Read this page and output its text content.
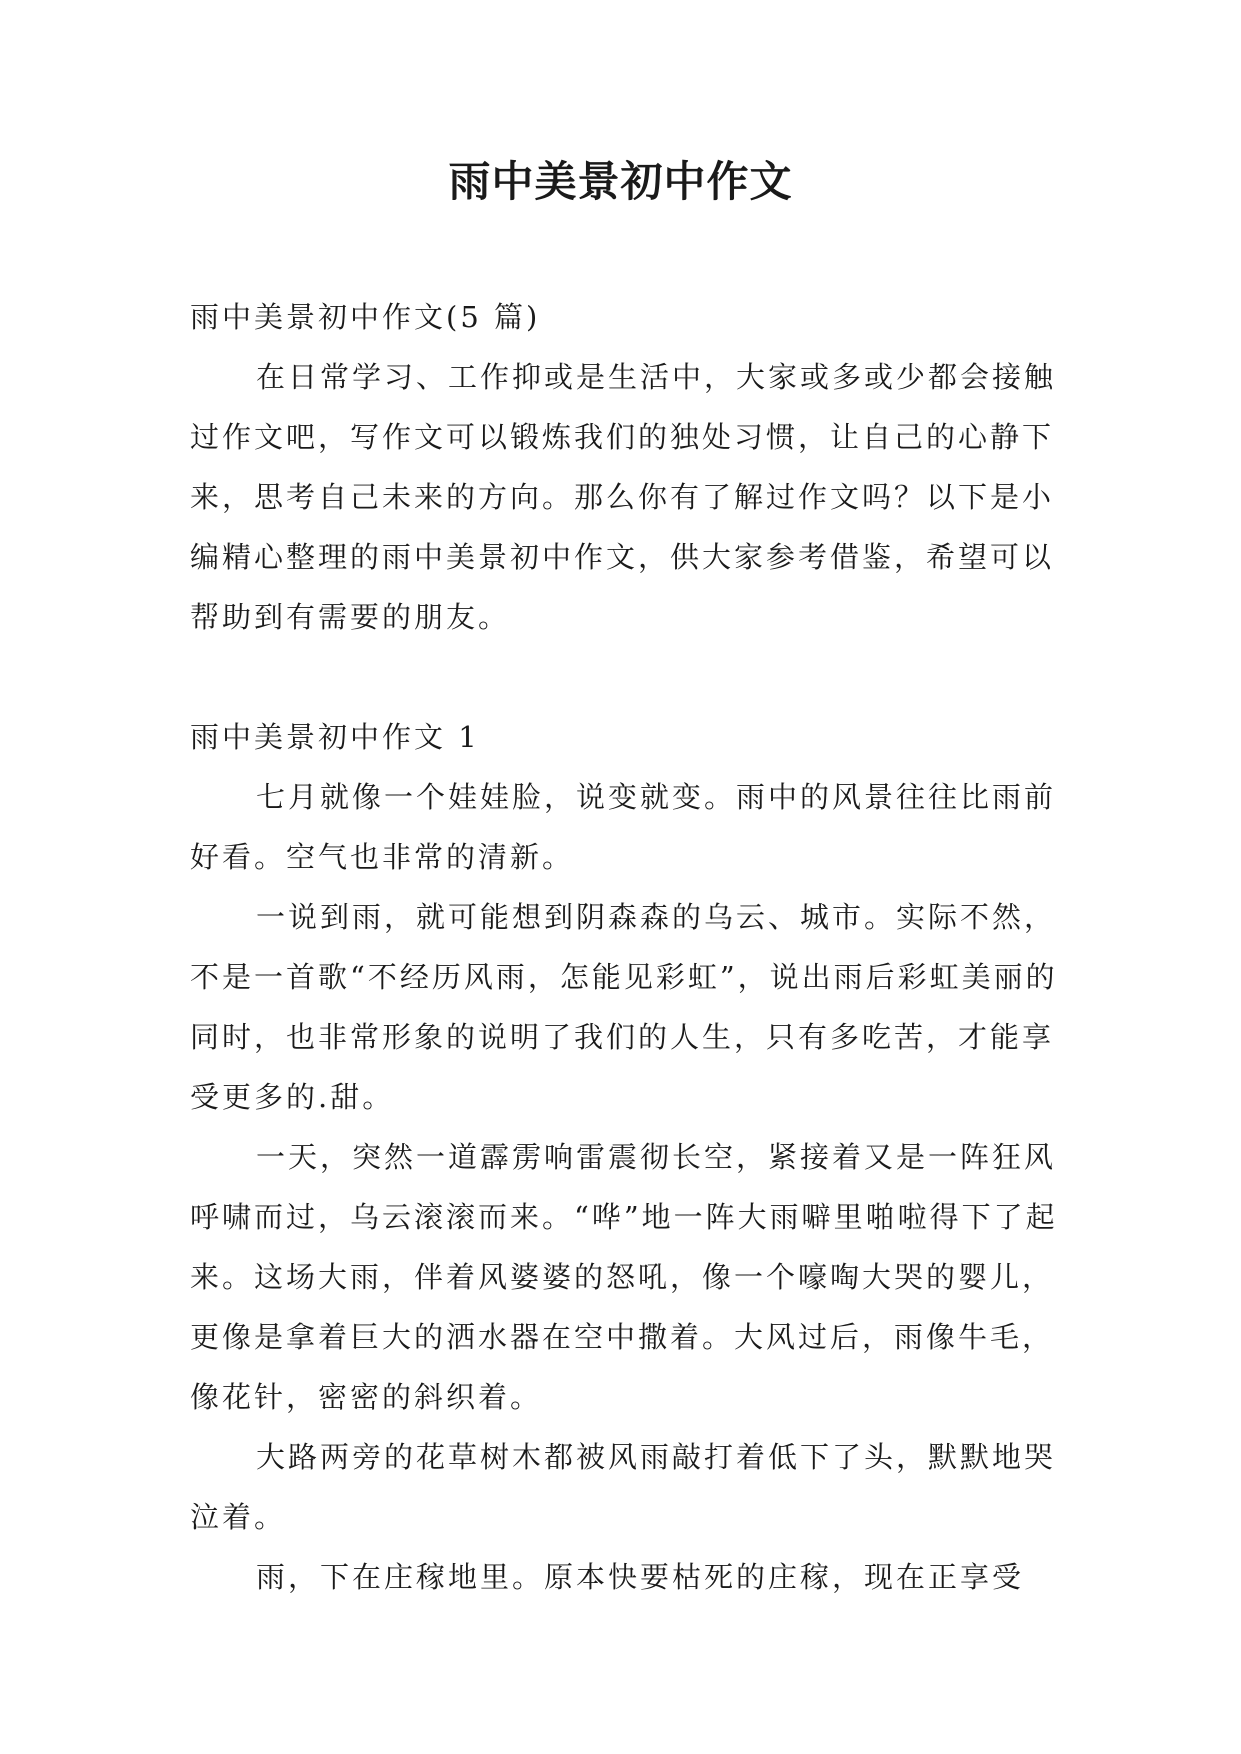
雨中美景初中作文

雨中美景初中作文(5 篇)

在日常学习、工作抑或是生活中，大家或多或少都会接触过作文吧，写作文可以锻炼我们的独处习惯，让自己的心静下来，思考自己未来的方向。那么你有了解过作文吗？以下是小编精心整理的雨中美景初中作文，供大家参考借鉴，希望可以帮助到有需要的朋友。

雨中美景初中作文 1

七月就像一个娃娃脸，说变就变。雨中的风景往往比雨前好看。空气也非常的清新。

一说到雨，就可能想到阴森森的乌云、城市。实际不然，不是一首歌“不经历风雨，怎能见彩虹”，说出雨后彩虹美丽的同时，也非常形象的说明了我们的人生，只有多吃苦，才能享受更多的.甜。

一天，突然一道霹雳响雷震彻长空，紧接着又是一阵狂风呼啸而过，乌云滚滚而来。“哗”地一阵大雨噼里啪啦得下了起来。这场大雨，伴着风婆婆的怒吼，像一个嚎啕大哭的婴儿，更像是拿着巨大的洒水器在空中撒着。大风过后，雨像牛毛，像花针，密密的斜织着。

大路两旁的花草树木都被风雨敲打着低下了头，默默地哭泣着。

雨，下在庄稼地里。原本快要枯死的庄稼，现在正享受
